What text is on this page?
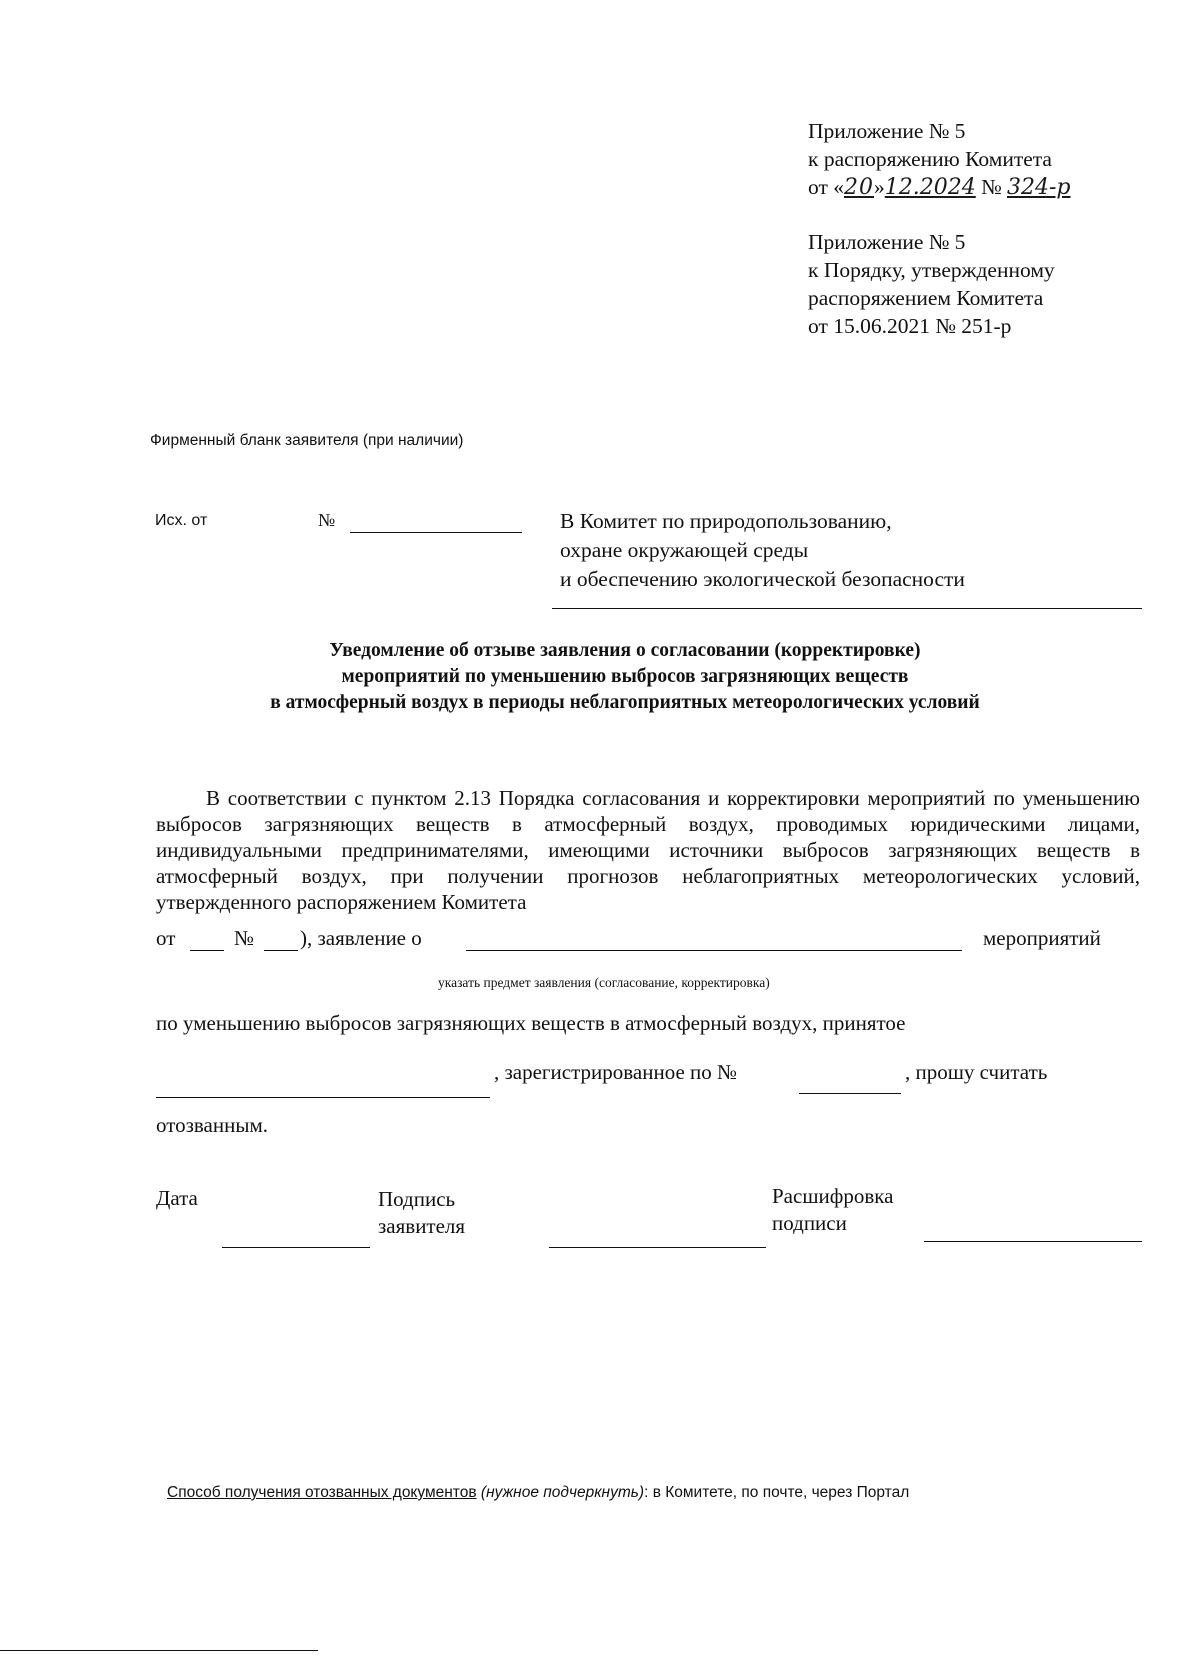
Приложение № 5
к распоряжению Комитета
от «20»12.2024 № 324-р
Приложение № 5
к Порядку, утвержденному
распоряжением Комитета
от 15.06.2021 № 251-р
Фирменный бланк заявителя (при наличии)
Исх. от	№	В Комитет по природопользованию,
охране окружающей среды
и обеспечению экологической безопасности
Уведомление об отзыве заявления о согласовании (корректировке)
мероприятий по уменьшению выбросов загрязняющих веществ
в атмосферный воздух в периоды неблагоприятных метеорологических условий
В соответствии с пунктом 2.13 Порядка согласования и корректировки мероприятий по уменьшению выбросов загрязняющих веществ в атмосферный воздух, проводимых юридическими лицами, индивидуальными предпринимателями, имеющими источники выбросов загрязняющих веществ в атмосферный воздух, при получении прогнозов неблагоприятных метеорологических условий, утвержденного распоряжением Комитета
от	№ ), заявление о	мероприятий
указать предмет заявления (согласование, корректировка)
по уменьшению выбросов загрязняющих веществ в атмосферный воздух, принятое
, зарегистрированное по №	, прошу считать
отозванным.
Дата	Подпись
заявителя
Расшифровка
подписи
Способ получения отозванных документов (нужное подчеркнуть): в Комитете, по почте, через Портал
